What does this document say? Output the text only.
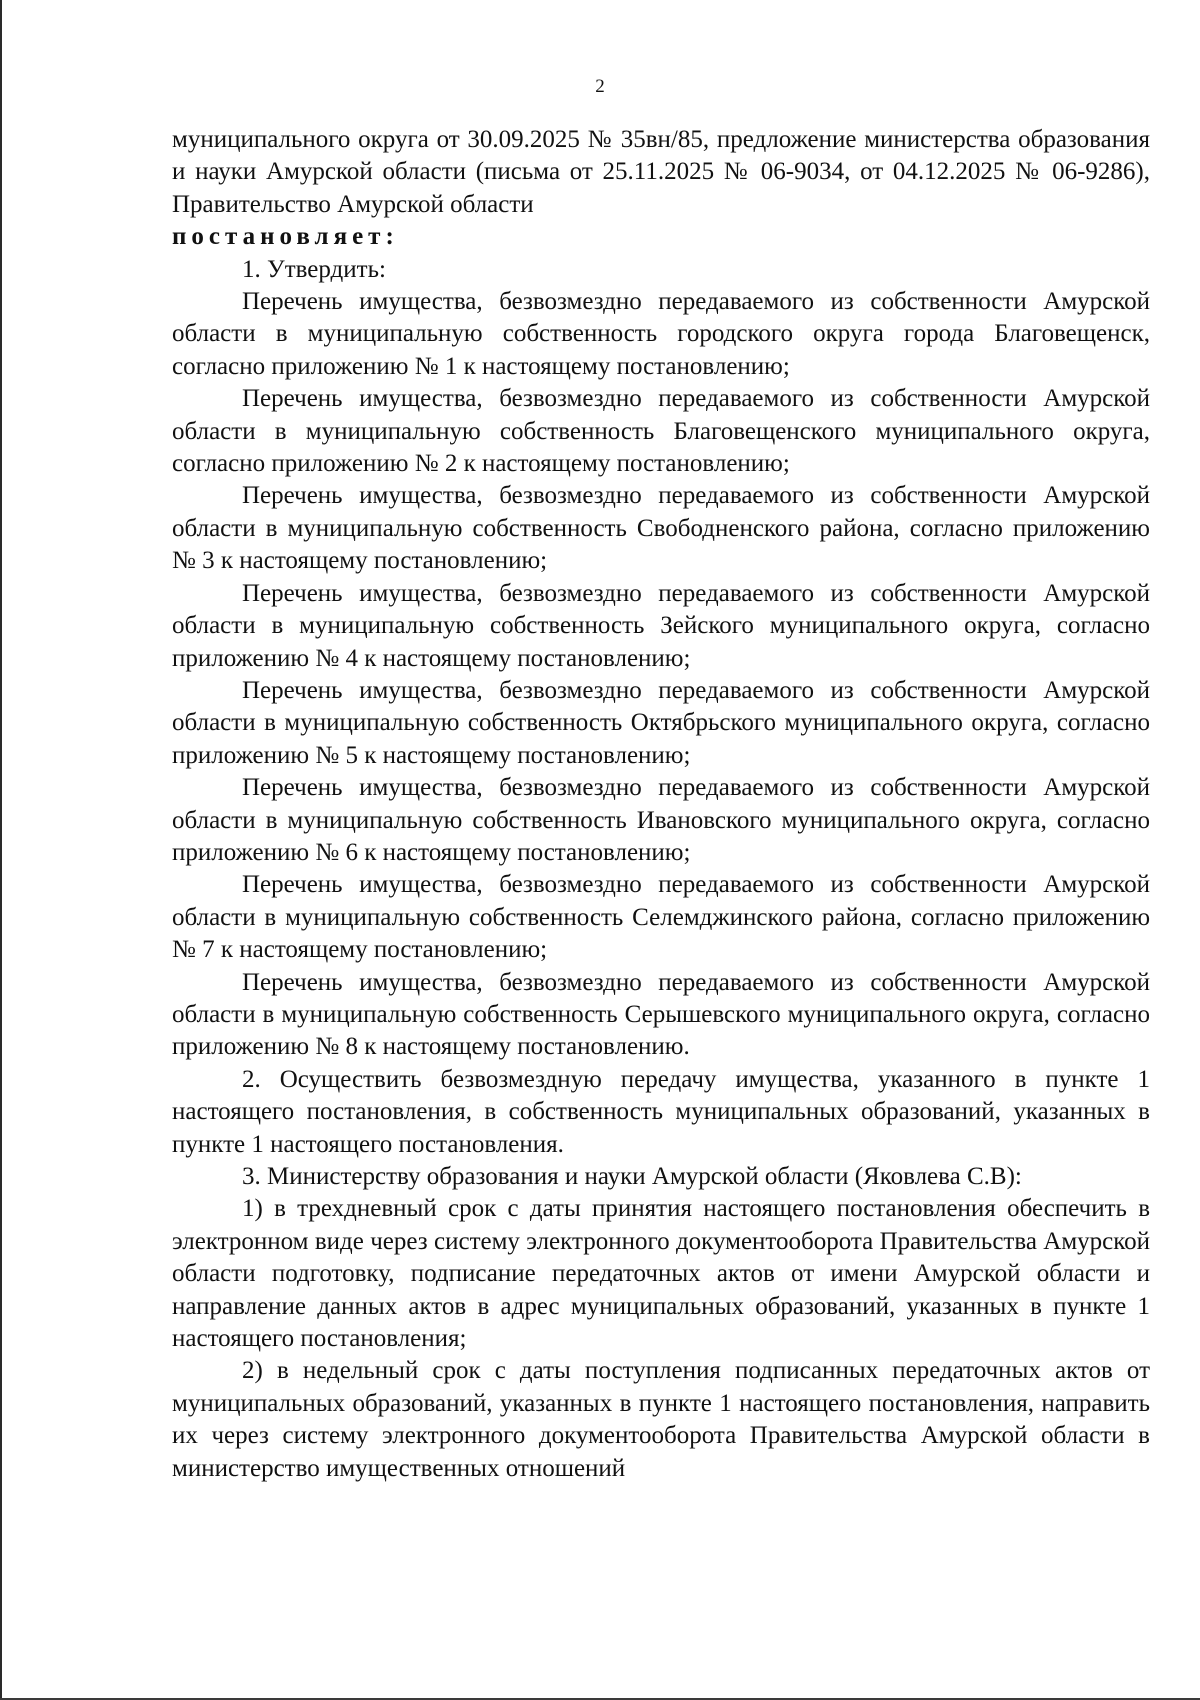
2

муниципального округа от 30.09.2025 № 35вн/85, предложение министерства образования и науки Амурской области (письма от 25.11.2025 № 06-9034, от 04.12.2025 № 06-9286), Правительство Амурской области

постановляет:

1. Утвердить:

Перечень имущества, безвозмездно передаваемого из собственности Амурской области в муниципальную собственность городского округа города Благовещенск, согласно приложению № 1 к настоящему постановлению;

Перечень имущества, безвозмездно передаваемого из собственности Амурской области в муниципальную собственность Благовещенского муниципального округа, согласно приложению № 2 к настоящему постановлению;

Перечень имущества, безвозмездно передаваемого из собственности Амурской области в муниципальную собственность Свободненского района, согласно приложению № 3 к настоящему постановлению;

Перечень имущества, безвозмездно передаваемого из собственности Амурской области в муниципальную собственность Зейского муниципального округа, согласно приложению № 4 к настоящему постановлению;

Перечень имущества, безвозмездно передаваемого из собственности Амурской области в муниципальную собственность Октябрьского муниципального округа, согласно приложению № 5 к настоящему постановлению;

Перечень имущества, безвозмездно передаваемого из собственности Амурской области в муниципальную собственность Ивановского муниципального округа, согласно приложению № 6 к настоящему постановлению;

Перечень имущества, безвозмездно передаваемого из собственности Амурской области в муниципальную собственность Селемджинского района, согласно приложению № 7 к настоящему постановлению;

Перечень имущества, безвозмездно передаваемого из собственности Амурской области в муниципальную собственность Серышевского муниципального округа, согласно приложению № 8 к настоящему постановлению.

2. Осуществить безвозмездную передачу имущества, указанного в пункте 1 настоящего постановления, в собственность муниципальных образований, указанных в пункте 1 настоящего постановления.

3. Министерству образования и науки Амурской области (Яковлева С.В):

1) в трехдневный срок с даты принятия настоящего постановления обеспечить в электронном виде через систему электронного документооборота Правительства Амурской области подготовку, подписание передаточных актов от имени Амурской области и направление данных актов в адрес муниципальных образований, указанных в пункте 1 настоящего постановления;

2) в недельный срок с даты поступления подписанных передаточных актов от муниципальных образований, указанных в пункте 1 настоящего постановления, направить их через систему электронного документооборота Правительства Амурской области в министерство имущественных отношений
